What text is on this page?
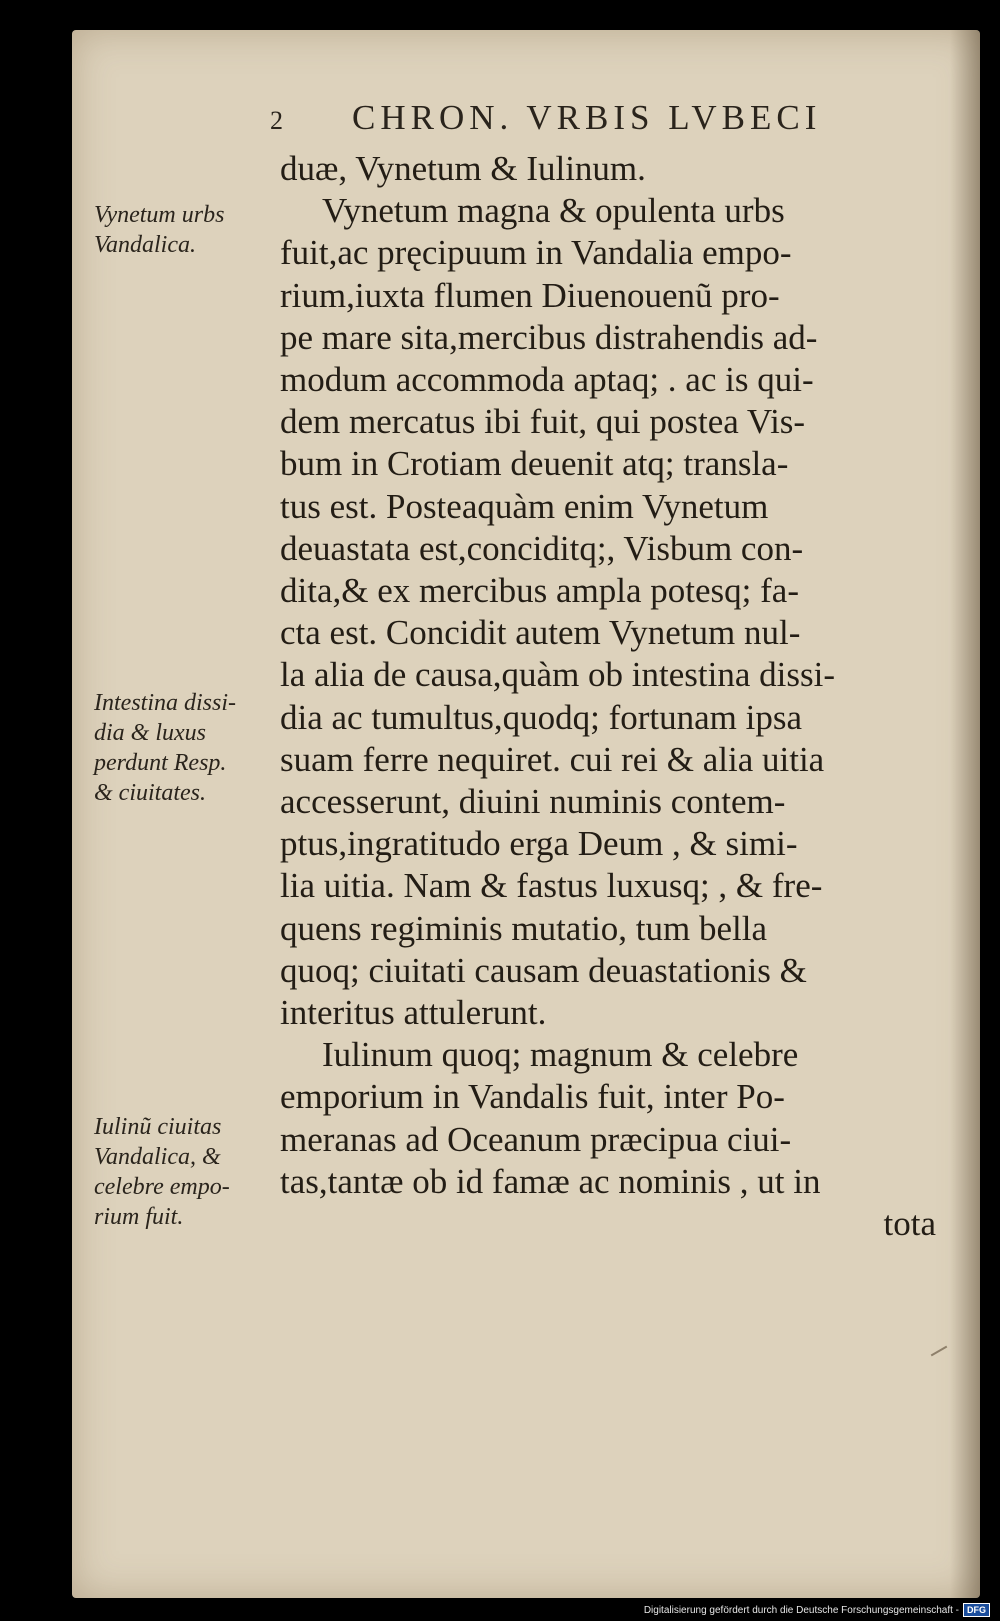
2 CHRON. VRBIS LVBECI
Vynetum urbs
Vandalica.
Intestina dissi-
dia & luxus
perdunt Resp.
& ciuitates.
Iulinũ ciuitas
Vandalica, &
celebre empo-
rium fuit.
duæ, Vynetum & Iulinum.
Vynetum magna & opulenta urbs
fuit,ac pręcipuum in Vandalia empo-
rium,iuxta flumen Diuenouenũ pro-
pe mare sita,mercibus distrahendis ad-
modum accommoda aptaq; . ac is qui-
dem mercatus ibi fuit, qui postea Vis-
bum in Crotiam deuenit atq; transla-
tus est. Posteaquàm enim Vynetum
deuastata est,conciditq;, Visbum con-
dita,& ex mercibus ampla potesq; fa-
cta est. Concidit autem Vynetum nul-
la alia de causa,quàm ob intestina dissi-
dia ac tumultus,quodq; fortunam ipsa
suam ferre nequiret. cui rei & alia uitia
accesserunt, diuini numinis contem-
ptus,ingratitudo erga Deum , & simi-
lia uitia. Nam & fastus luxusq; , & fre-
quens regiminis mutatio, tum bella
quoq; ciuitati causam deuastationis &
interitus attulerunt.
Iulinum quoq; magnum & celebre
emporium in Vandalis fuit, inter Po-
meranas ad Oceanum præcipua ciui-
tas,tantæ ob id famæ ac nominis , ut in
tota
Digitalisierung gefördert durch die Deutsche Forschungsgemeinschaft - DFG
